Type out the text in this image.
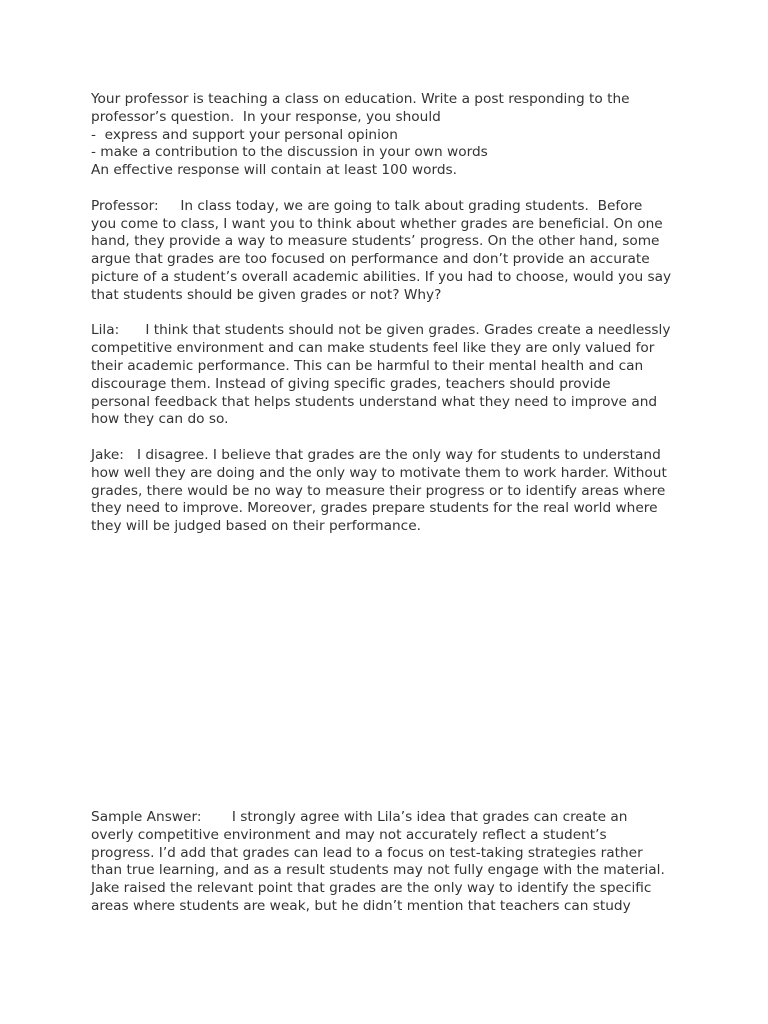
Your professor is teaching a class on education. Write a post responding to the
professor’s question.  In your response, you should
-  express and support your personal opinion
- make a contribution to the discussion in your own words
An effective response will contain at least 100 words.
Professor:     In class today, we are going to talk about grading students.  Before
you come to class, I want you to think about whether grades are beneficial. On one
hand, they provide a way to measure students’ progress. On the other hand, some
argue that grades are too focused on performance and don’t provide an accurate
picture of a student’s overall academic abilities. If you had to choose, would you say
that students should be given grades or not? Why?
Lila:      I think that students should not be given grades. Grades create a needlessly
competitive environment and can make students feel like they are only valued for
their academic performance. This can be harmful to their mental health and can
discourage them. Instead of giving specific grades, teachers should provide
personal feedback that helps students understand what they need to improve and
how they can do so.
Jake:   I disagree. I believe that grades are the only way for students to understand
how well they are doing and the only way to motivate them to work harder. Without
grades, there would be no way to measure their progress or to identify areas where
they need to improve. Moreover, grades prepare students for the real world where
they will be judged based on their performance.
Sample Answer:       I strongly agree with Lila’s idea that grades can create an
overly competitive environment and may not accurately reflect a student’s
progress. I’d add that grades can lead to a focus on test-taking strategies rather
than true learning, and as a result students may not fully engage with the material.
Jake raised the relevant point that grades are the only way to identify the specific
areas where students are weak, but he didn’t mention that teachers can study
